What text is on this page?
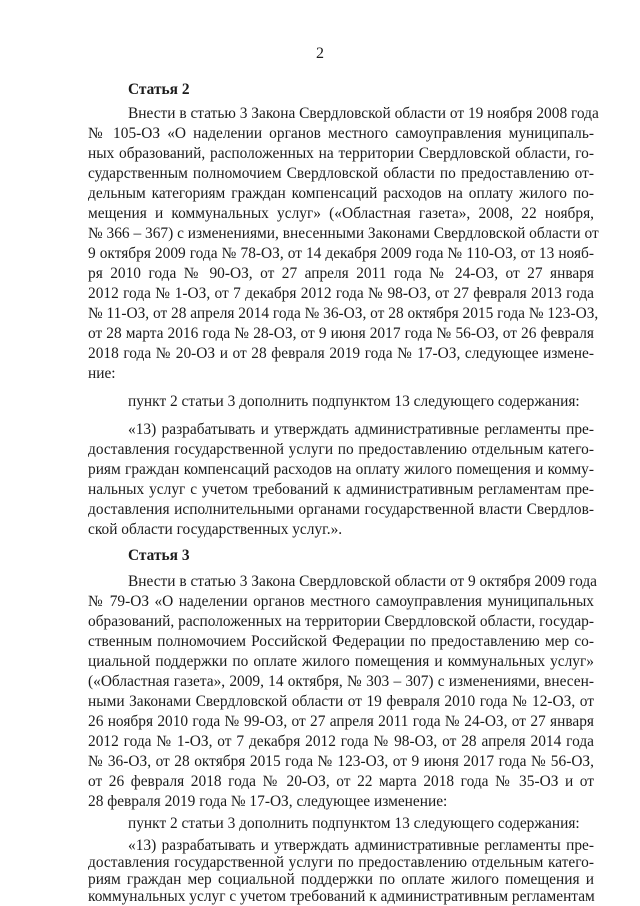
2
Статья 2
Внести в статью 3 Закона Свердловской области от 19 ноября 2008 года
№ 105-ОЗ «О наделении органов местного самоуправления муниципаль-
ных образований, расположенных на территории Свердловской области, го-
сударственным полномочием Свердловской области по предоставлению от-
дельным категориям граждан компенсаций расходов на оплату жилого по-
мещения и коммунальных услуг» («Областная газета», 2008, 22 ноября,
№ 366 – 367) с изменениями, внесенными Законами Свердловской области от
9 октября 2009 года № 78-ОЗ, от 14 декабря 2009 года № 110-ОЗ, от 13 нояб-
ря 2010 года № 90-ОЗ, от 27 апреля 2011 года № 24-ОЗ, от 27 января
2012 года № 1-ОЗ, от 7 декабря 2012 года № 98-ОЗ, от 27 февраля 2013 года
№ 11-ОЗ, от 28 апреля 2014 года № 36-ОЗ, от 28 октября 2015 года № 123-ОЗ,
от 28 марта 2016 года № 28-ОЗ, от 9 июня 2017 года № 56-ОЗ, от 26 февраля
2018 года № 20-ОЗ и от 28 февраля 2019 года № 17-ОЗ, следующее измене-
ние:
пункт 2 статьи 3 дополнить подпунктом 13 следующего содержания:
«13) разрабатывать и утверждать административные регламенты пре-
доставления государственной услуги по предоставлению отдельным катего-
риям граждан компенсаций расходов на оплату жилого помещения и комму-
нальных услуг с учетом требований к административным регламентам пре-
доставления исполнительными органами государственной власти Свердлов-
ской области государственных услуг.».
Статья 3
Внести в статью 3 Закона Свердловской области от 9 октября 2009 года
№ 79-ОЗ «О наделении органов местного самоуправления муниципальных
образований, расположенных на территории Свердловской области, государ-
ственным полномочием Российской Федерации по предоставлению мер со-
циальной поддержки по оплате жилого помещения и коммунальных услуг»
(«Областная газета», 2009, 14 октября, № 303 – 307) с изменениями, внесен-
ными Законами Свердловской области от 19 февраля 2010 года № 12-ОЗ, от
26 ноября 2010 года № 99-ОЗ, от 27 апреля 2011 года № 24-ОЗ, от 27 января
2012 года № 1-ОЗ, от 7 декабря 2012 года № 98-ОЗ, от 28 апреля 2014 года
№ 36-ОЗ, от 28 октября 2015 года № 123-ОЗ, от 9 июня 2017 года № 56-ОЗ,
от 26 февраля 2018 года № 20-ОЗ, от 22 марта 2018 года № 35-ОЗ и от
28 февраля 2019 года № 17-ОЗ, следующее изменение:
пункт 2 статьи 3 дополнить подпунктом 13 следующего содержания:
«13) разрабатывать и утверждать административные регламенты пре-
доставления государственной услуги по предоставлению отдельным катего-
риям граждан мер социальной поддержки по оплате жилого помещения и
коммунальных услуг с учетом требований к административным регламентам
